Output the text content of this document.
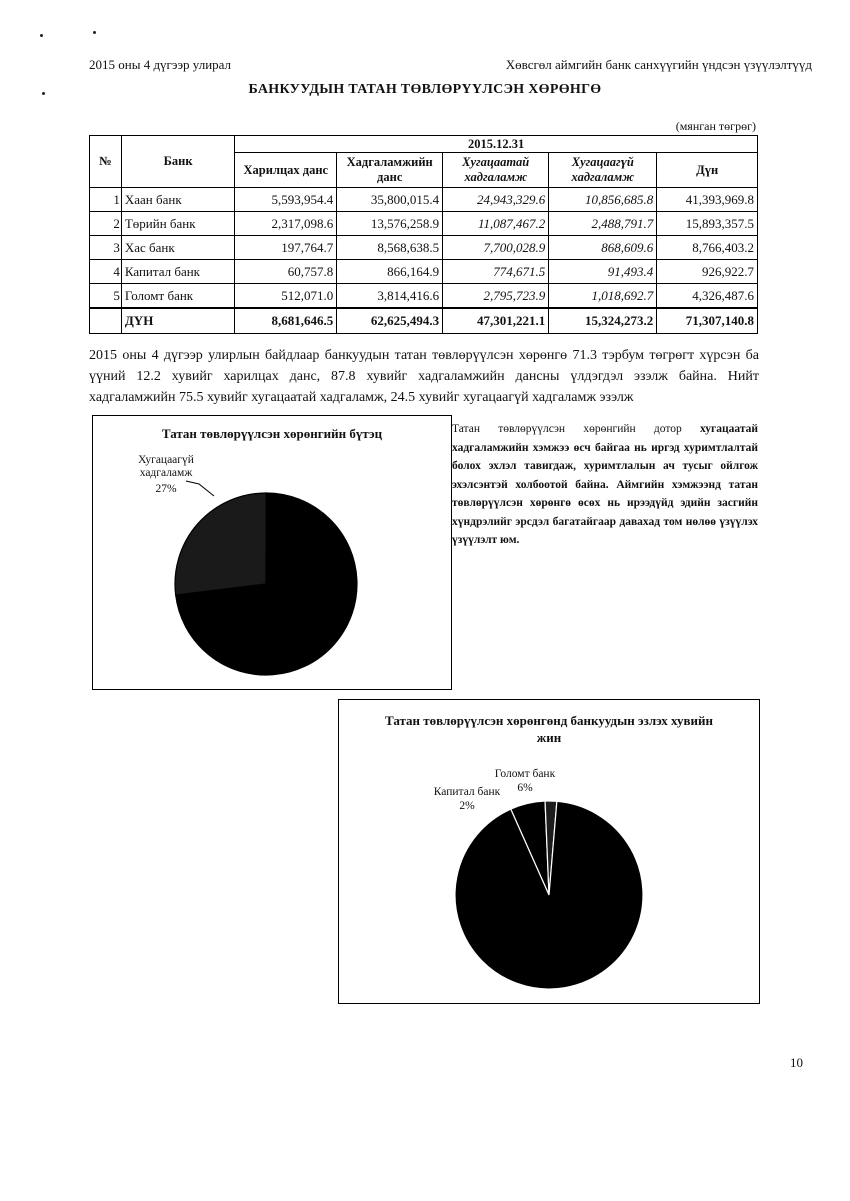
2015 оны 4 дүгээр улирал	Хөвсгөл аймгийн банк санхүүгийн үндсэн үзүүлэлтүүд
БАНКУУДЫН ТАТАН ТӨВЛӨРҮҮЛСЭН ХӨРӨНГӨ
(мянган төгрөг)
№	Банк	2015.12.31				
		Харилцах данс	Хадгаламжийн данс	Хугацаатай хадгаламж	Хугацаагүй хадгаламж	Дүн
1	Хаан банк	5,593,954.4	35,800,015.4	24,943,329.6	10,856,685.8	41,393,969.8
2	Төрийн банк	2,317,098.6	13,576,258.9	11,087,467.2	2,488,791.7	15,893,357.5
3	Хас банк	197,764.7	8,568,638.5	7,700,028.9	868,609.6	8,766,403.2
4	Капитал банк	60,757.8	866,164.9	774,671.5	91,493.4	926,922.7
5	Голомт банк	512,071.0	3,814,416.6	2,795,723.9	1,018,692.7	4,326,487.6
	ДҮН	8,681,646.5	62,625,494.3	47,301,221.1	15,324,273.2	71,307,140.8
2015 оны 4 дүгээр улирлын байдлаар банкуудын татан төвлөрүүлсэн хөрөнгө 71.3 тэрбум төгрөгт хүрсэн ба үүний 12.2 хувийг харилцах данс, 87.8 хувийг хадгаламжийн дансны үлдэгдэл эзэлж байна. Нийт хадгаламжийн 75.5 хувийг хугацаатай хадгаламж, 24.5 хувийг хугацаагүй хадгаламж эзэлж
Татан төвлөрүүлсэн хөрөнгийн бүтэц
Хугацаагүй хадгаламж
27%
Татан төвлөрүүлсэн хөрөнгийн дотор хугацаатай хадгаламжийн хэмжээ өсч байгаа нь иргэд хуримтлалтай болох эхлэл тавигдаж, хуримтлалын ач тусыг ойлгож эхэлсэнтэй холбоотой байна. Аймгийн хэмжээнд татан төвлөрүүлсэн хөрөнгө өсөх нь ирээдүйд эдийн засгийн хүндрэлийг эрсдэл багатайгаар давахад том нөлөө үзүүлэх үзүүлэлт юм.
Татан төвлөрүүлсэн хөрөнгөнд банкуудын эзлэх хувийн жин
Голомт банк
6%
Капитал банк
2%
10
